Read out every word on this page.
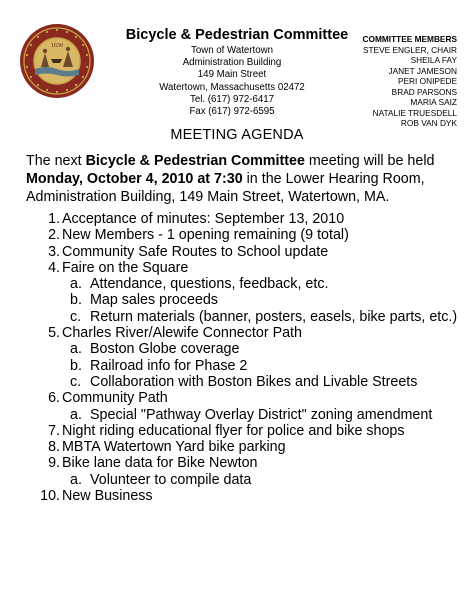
1630
Bicycle & Pedestrian Committee
Town of Watertown
Administration Building
149 Main Street
Watertown, Massachusetts 02472
Tel. (617) 972-6417
Fax (617) 972-6595
COMMITTEE MEMBERS
STEVE ENGLER, CHAIR
SHEILA FAY
JANET JAMESON
PERI ONIPEDE
BRAD PARSONS
MARIA SAIZ
NATALIE TRUESDELL
ROB VAN DYK
MEETING AGENDA
The next Bicycle & Pedestrian Committee meeting will be held Monday, October 4, 2010 at 7:30 in the Lower Hearing Room, Administration Building, 149 Main Street, Watertown, MA.
1. Acceptance of minutes: September 13, 2010
2. New Members - 1 opening remaining (9 total)
3. Community Safe Routes to School update
4. Faire on the Square
a. Attendance, questions, feedback, etc.
b. Map sales proceeds
c. Return materials (banner, posters, easels, bike parts, etc.)
5. Charles River/Alewife Connector Path
a. Boston Globe coverage
b. Railroad info for Phase 2
c. Collaboration with Boston Bikes and Livable Streets
6. Community Path
a. Special "Pathway Overlay District" zoning amendment
7. Night riding educational flyer for police and bike shops
8. MBTA Watertown Yard bike parking
9. Bike lane data for Bike Newton
a. Volunteer to compile data
10. New Business
